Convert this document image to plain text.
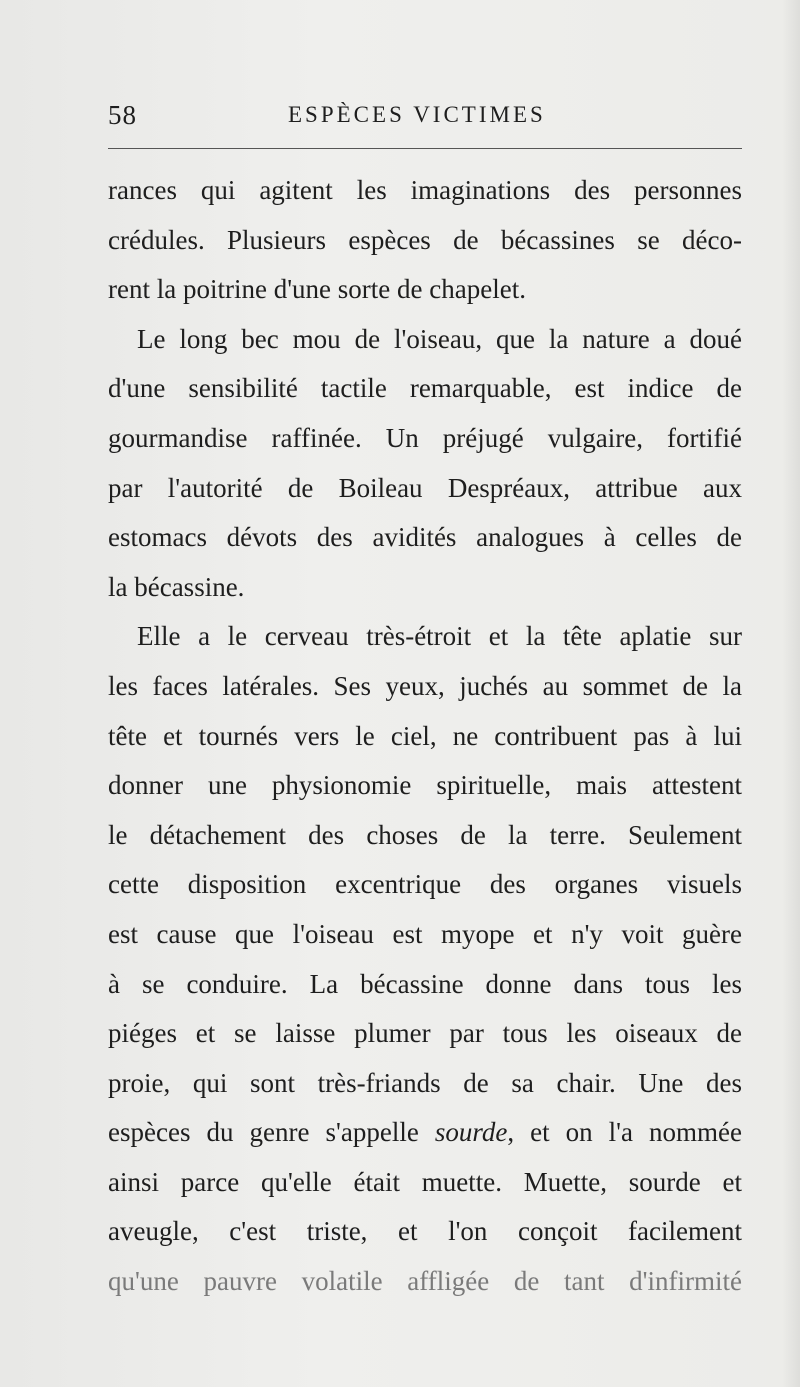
58	ESPÈCES VICTIMES
rances qui agitent les imaginations des personnes
crédules. Plusieurs espèces de bécassines se déco-
rent la poitrine d'une sorte de chapelet.
Le long bec mou de l'oiseau, que la nature a doué
d'une sensibilité tactile remarquable, est indice de
gourmandise raffinée. Un préjugé vulgaire, fortifié
par l'autorité de Boileau Despréaux, attribue aux
estomacs dévots des avidités analogues à celles de
la bécassine.
Elle a le cerveau très-étroit et la tête aplatie sur
les faces latérales. Ses yeux, juchés au sommet de la
tête et tournés vers le ciel, ne contribuent pas à lui
donner une physionomie spirituelle, mais attestent
le détachement des choses de la terre. Seulement
cette disposition excentrique des organes visuels
est cause que l'oiseau est myope et n'y voit guère
à se conduire. La bécassine donne dans tous les
piéges et se laisse plumer par tous les oiseaux de
proie, qui sont très-friands de sa chair. Une des
espèces du genre s'appelle sourde, et on l'a nommée
ainsi parce qu'elle était muette. Muette, sourde et
aveugle, c'est triste, et l'on conçoit facilement
qu'une pauvre volatile affligée de tant d'infirmité
